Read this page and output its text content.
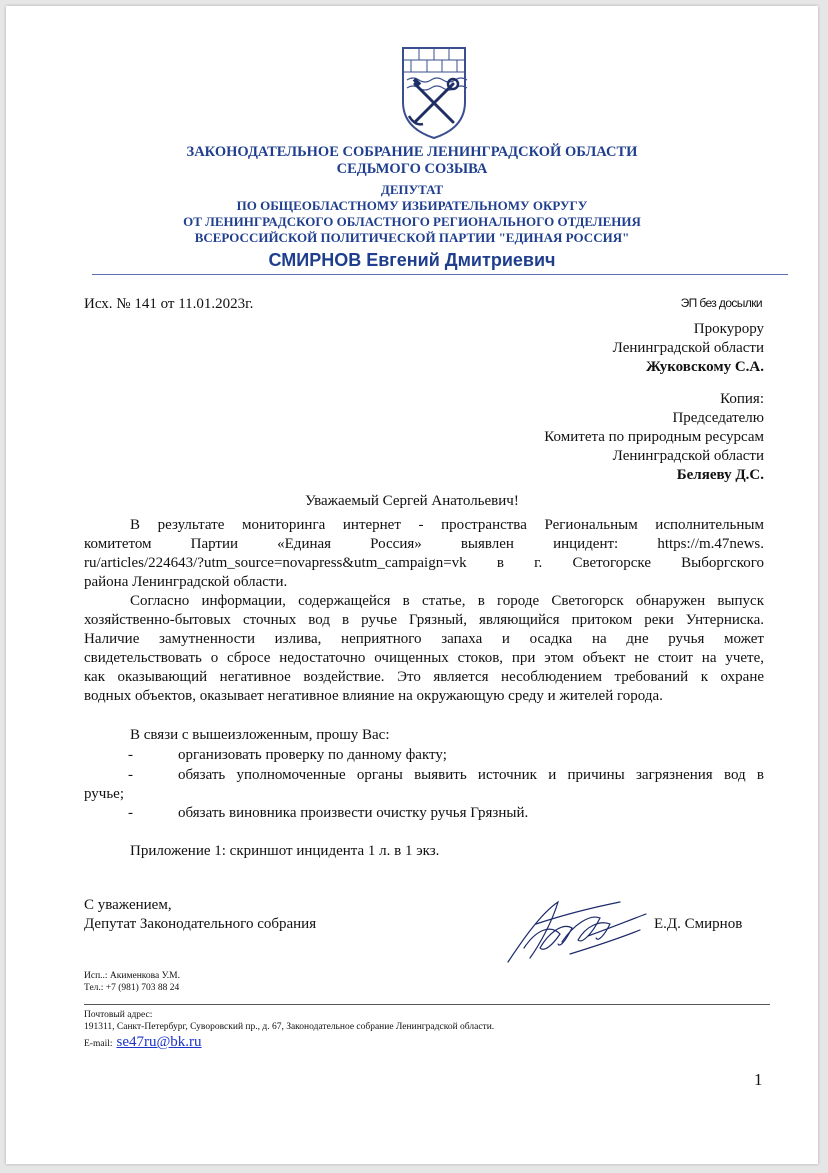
ЗАКОНОДАТЕЛЬНОЕ СОБРАНИЕ ЛЕНИНГРАДСКОЙ ОБЛАСТИ
СЕДЬМОГО СОЗЫВА
ДЕПУТАТ
ПО ОБЩЕОБЛАСТНОМУ ИЗБИРАТЕЛЬНОМУ ОКРУГУ
ОТ ЛЕНИНГРАДСКОГО ОБЛАСТНОГО РЕГИОНАЛЬНОГО ОТДЕЛЕНИЯ
ВСЕРОССИЙСКОЙ ПОЛИТИЧЕСКОЙ ПАРТИИ "ЕДИНАЯ РОССИЯ"
СМИРНОВ Евгений Дмитриевич
Исх. № 141 от 11.01.2023г.	ЭП без досылки
Прокурору
Ленинградской области
Жуковскому С.А.
Копия:
Председателю
Комитета по природным ресурсам
Ленинградской области
Беляеву Д.С.
Уважаемый Сергей Анатольевич!
В результате мониторинга интернет - пространства Региональным исполнительным
комитетом Партии «Единая Россия» выявлен инцидент: https://m.47news.
ru/articles/224643/?utm_source=novapress&utm_campaign=vk в г. Светогорске Выборгского
района Ленинградской области.
Согласно информации, содержащейся в статье, в городе Светогорск обнаружен выпуск
хозяйственно-бытовых сточных вод в ручье Грязный, являющийся притоком реки Унтерниска.
Наличие замутненности излива, неприятного запаха и осадка на дне ручья может
свидетельствовать о сбросе недостаточно очищенных стоков, при этом объект не стоит на учете,
как оказывающий негативное воздействие. Это является несоблюдением требований к охране
водных объектов, оказывает негативное влияние на окружающую среду и жителей города.
В связи с вышеизложенным, прошу Вас:
-	организовать проверку по данному факту;
-	обязать уполномоченные органы выявить источник и причины загрязнения вод в
ручье;
-	обязать виновника произвести очистку ручья Грязный.
Приложение 1: скриншот инцидента 1 л. в 1 экз.
С уважением,
Депутат Законодательного собрания	Е.Д. Смирнов
Исп..: Акименкова У.М.
Тел.: +7 (981) 703 88 24
Почтовый адрес:
191311, Санкт-Петербург, Суворовский пр., д. 67, Законодательное собрание Ленинградской области.
E-mail: se47ru@bk.ru
1
